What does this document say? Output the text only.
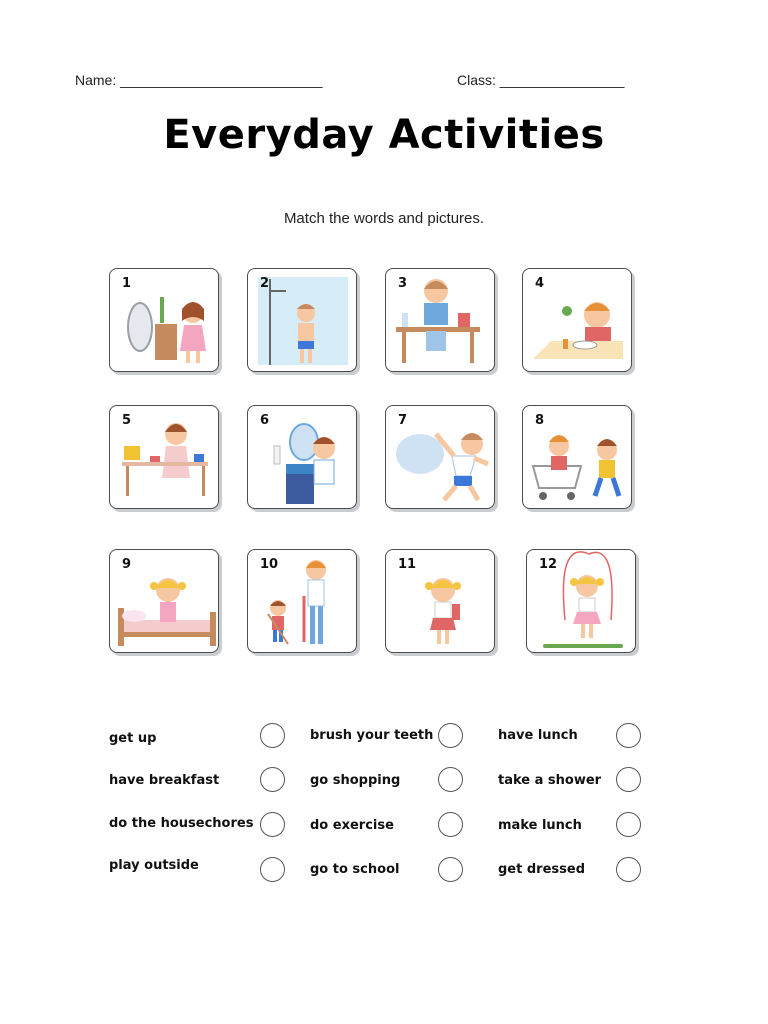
Name: __________________________	Class: ________________
Everyday Activities
Match the words and pictures.
1	2	3	4
5	6	7	8
9	10	11	12
get up	brush your teeth	have lunch
have breakfast	go shopping	take a shower
do the housechores	do exercise	make lunch
play outside	go to school	get dressed
